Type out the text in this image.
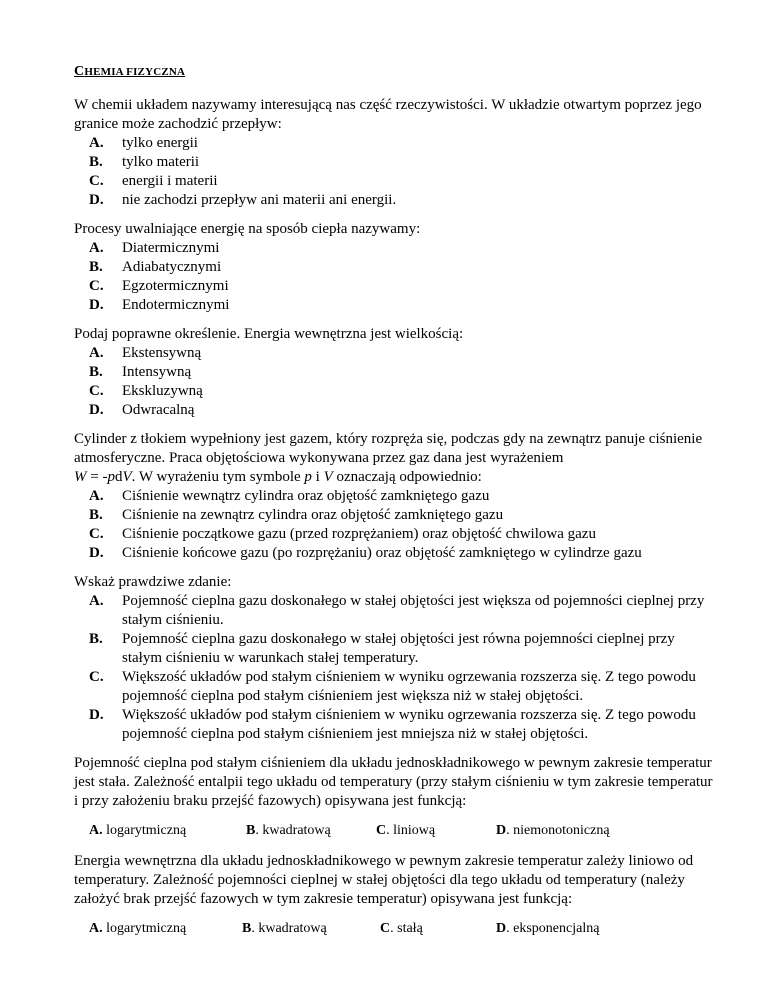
CHEMIA FIZYCZNA

W chemii układem nazywamy interesującą nas część rzeczywistości. W układzie otwartym poprzez jego granice może zachodzić przepływ:

A. tylko energii
B. tylko materii
C. energii i materii
D. nie zachodzi przepływ ani materii ani energii.

Procesy uwalniające energię na sposób ciepła nazywamy:

A. Diatermicznymi
B. Adiabatycznymi
C. Egzotermicznymi
D. Endotermicznymi

Podaj poprawne określenie. Energia wewnętrzna jest wielkością:

A. Ekstensywną
B. Intensywną
C. Ekskluzywną
D. Odwracalną

Cylinder z tłokiem wypełniony jest gazem, który rozpręża się, podczas gdy na zewnątrz panuje ciśnienie atmosferyczne. Praca objętościowa wykonywana przez gaz dana jest wyrażeniem
W = -pdV. W wyrażeniu tym symbole p i V oznaczają odpowiednio:

A. Ciśnienie wewnątrz cylindra oraz objętość zamkniętego gazu
B. Ciśnienie na zewnątrz cylindra oraz objętość zamkniętego gazu
C. Ciśnienie początkowe gazu (przed rozprężaniem) oraz objętość chwilowa gazu
D. Ciśnienie końcowe gazu (po rozprężaniu) oraz objętość zamkniętego w cylindrze gazu

Wskaż prawdziwe zdanie:

A. Pojemność cieplna gazu doskonałego w stałej objętości jest większa od pojemności cieplnej przy stałym ciśnieniu.
B. Pojemność cieplna gazu doskonałego w stałej objętości jest równa pojemności cieplnej przy stałym ciśnieniu w warunkach stałej temperatury.
C. Większość układów pod stałym ciśnieniem w wyniku ogrzewania rozszerza się. Z tego powodu pojemność cieplna pod stałym ciśnieniem jest większa niż w stałej objętości.
D. Większość układów pod stałym ciśnieniem w wyniku ogrzewania rozszerza się. Z tego powodu pojemność cieplna pod stałym ciśnieniem jest mniejsza niż w stałej objętości.

Pojemność cieplna pod stałym ciśnieniem dla układu jednoskładnikowego w pewnym zakresie temperatur jest stała. Zależność entalpii tego układu od temperatury (przy stałym ciśnieniu w tym zakresie temperatur i przy założeniu braku przejść fazowych) opisywana jest funkcją:

A. logarytmiczną	B. kwadratową	C. liniową	D. niemonotoniczną

Energia wewnętrzna dla układu jednoskładnikowego w pewnym zakresie temperatur zależy liniowo od temperatury. Zależność pojemności cieplnej w stałej objętości dla tego układu od temperatury (należy założyć brak przejść fazowych w tym zakresie temperatur) opisywana jest funkcją:

A. logarytmiczną	B. kwadratową	C. stałą	D. eksponencjalną
